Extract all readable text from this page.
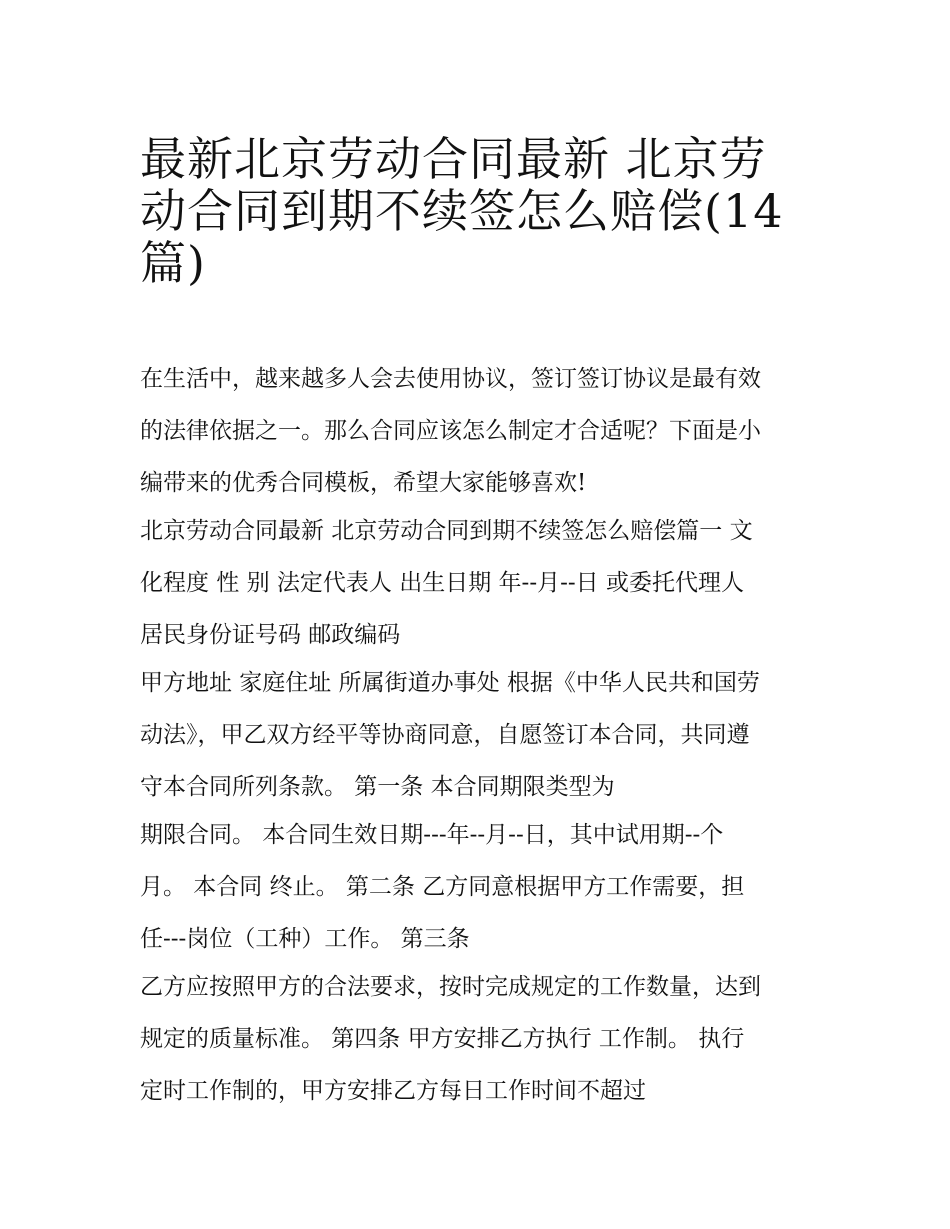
最新北京劳动合同最新 北京劳
动合同到期不续签怎么赔偿(14
篇)

在生活中，越来越多人会去使用协议，签订签订协议是最有效
的法律依据之一。那么合同应该怎么制定才合适呢？下面是小
编带来的优秀合同模板，希望大家能够喜欢!

北京劳动合同最新 北京劳动合同到期不续签怎么赔偿篇一 文
化程度 性 别 法定代表人 出生日期 年--月--日 或委托代理人
居民身份证号码 邮政编码

甲方地址 家庭住址 所属街道办事处 根据《中华人民共和国劳
动法》，甲乙双方经平等协商同意，自愿签订本合同，共同遵
守本合同所列条款。 第一条 本合同期限类型为

期限合同。 本合同生效日期---年--月--日，其中试用期--个
月。 本合同 终止。 第二条 乙方同意根据甲方工作需要，担
任---岗位（工种）工作。 第三条

乙方应按照甲方的合法要求，按时完成规定的工作数量，达到
规定的质量标准。 第四条 甲方安排乙方执行 工作制。 执行
定时工作制的，甲方安排乙方每日工作时间不超过
